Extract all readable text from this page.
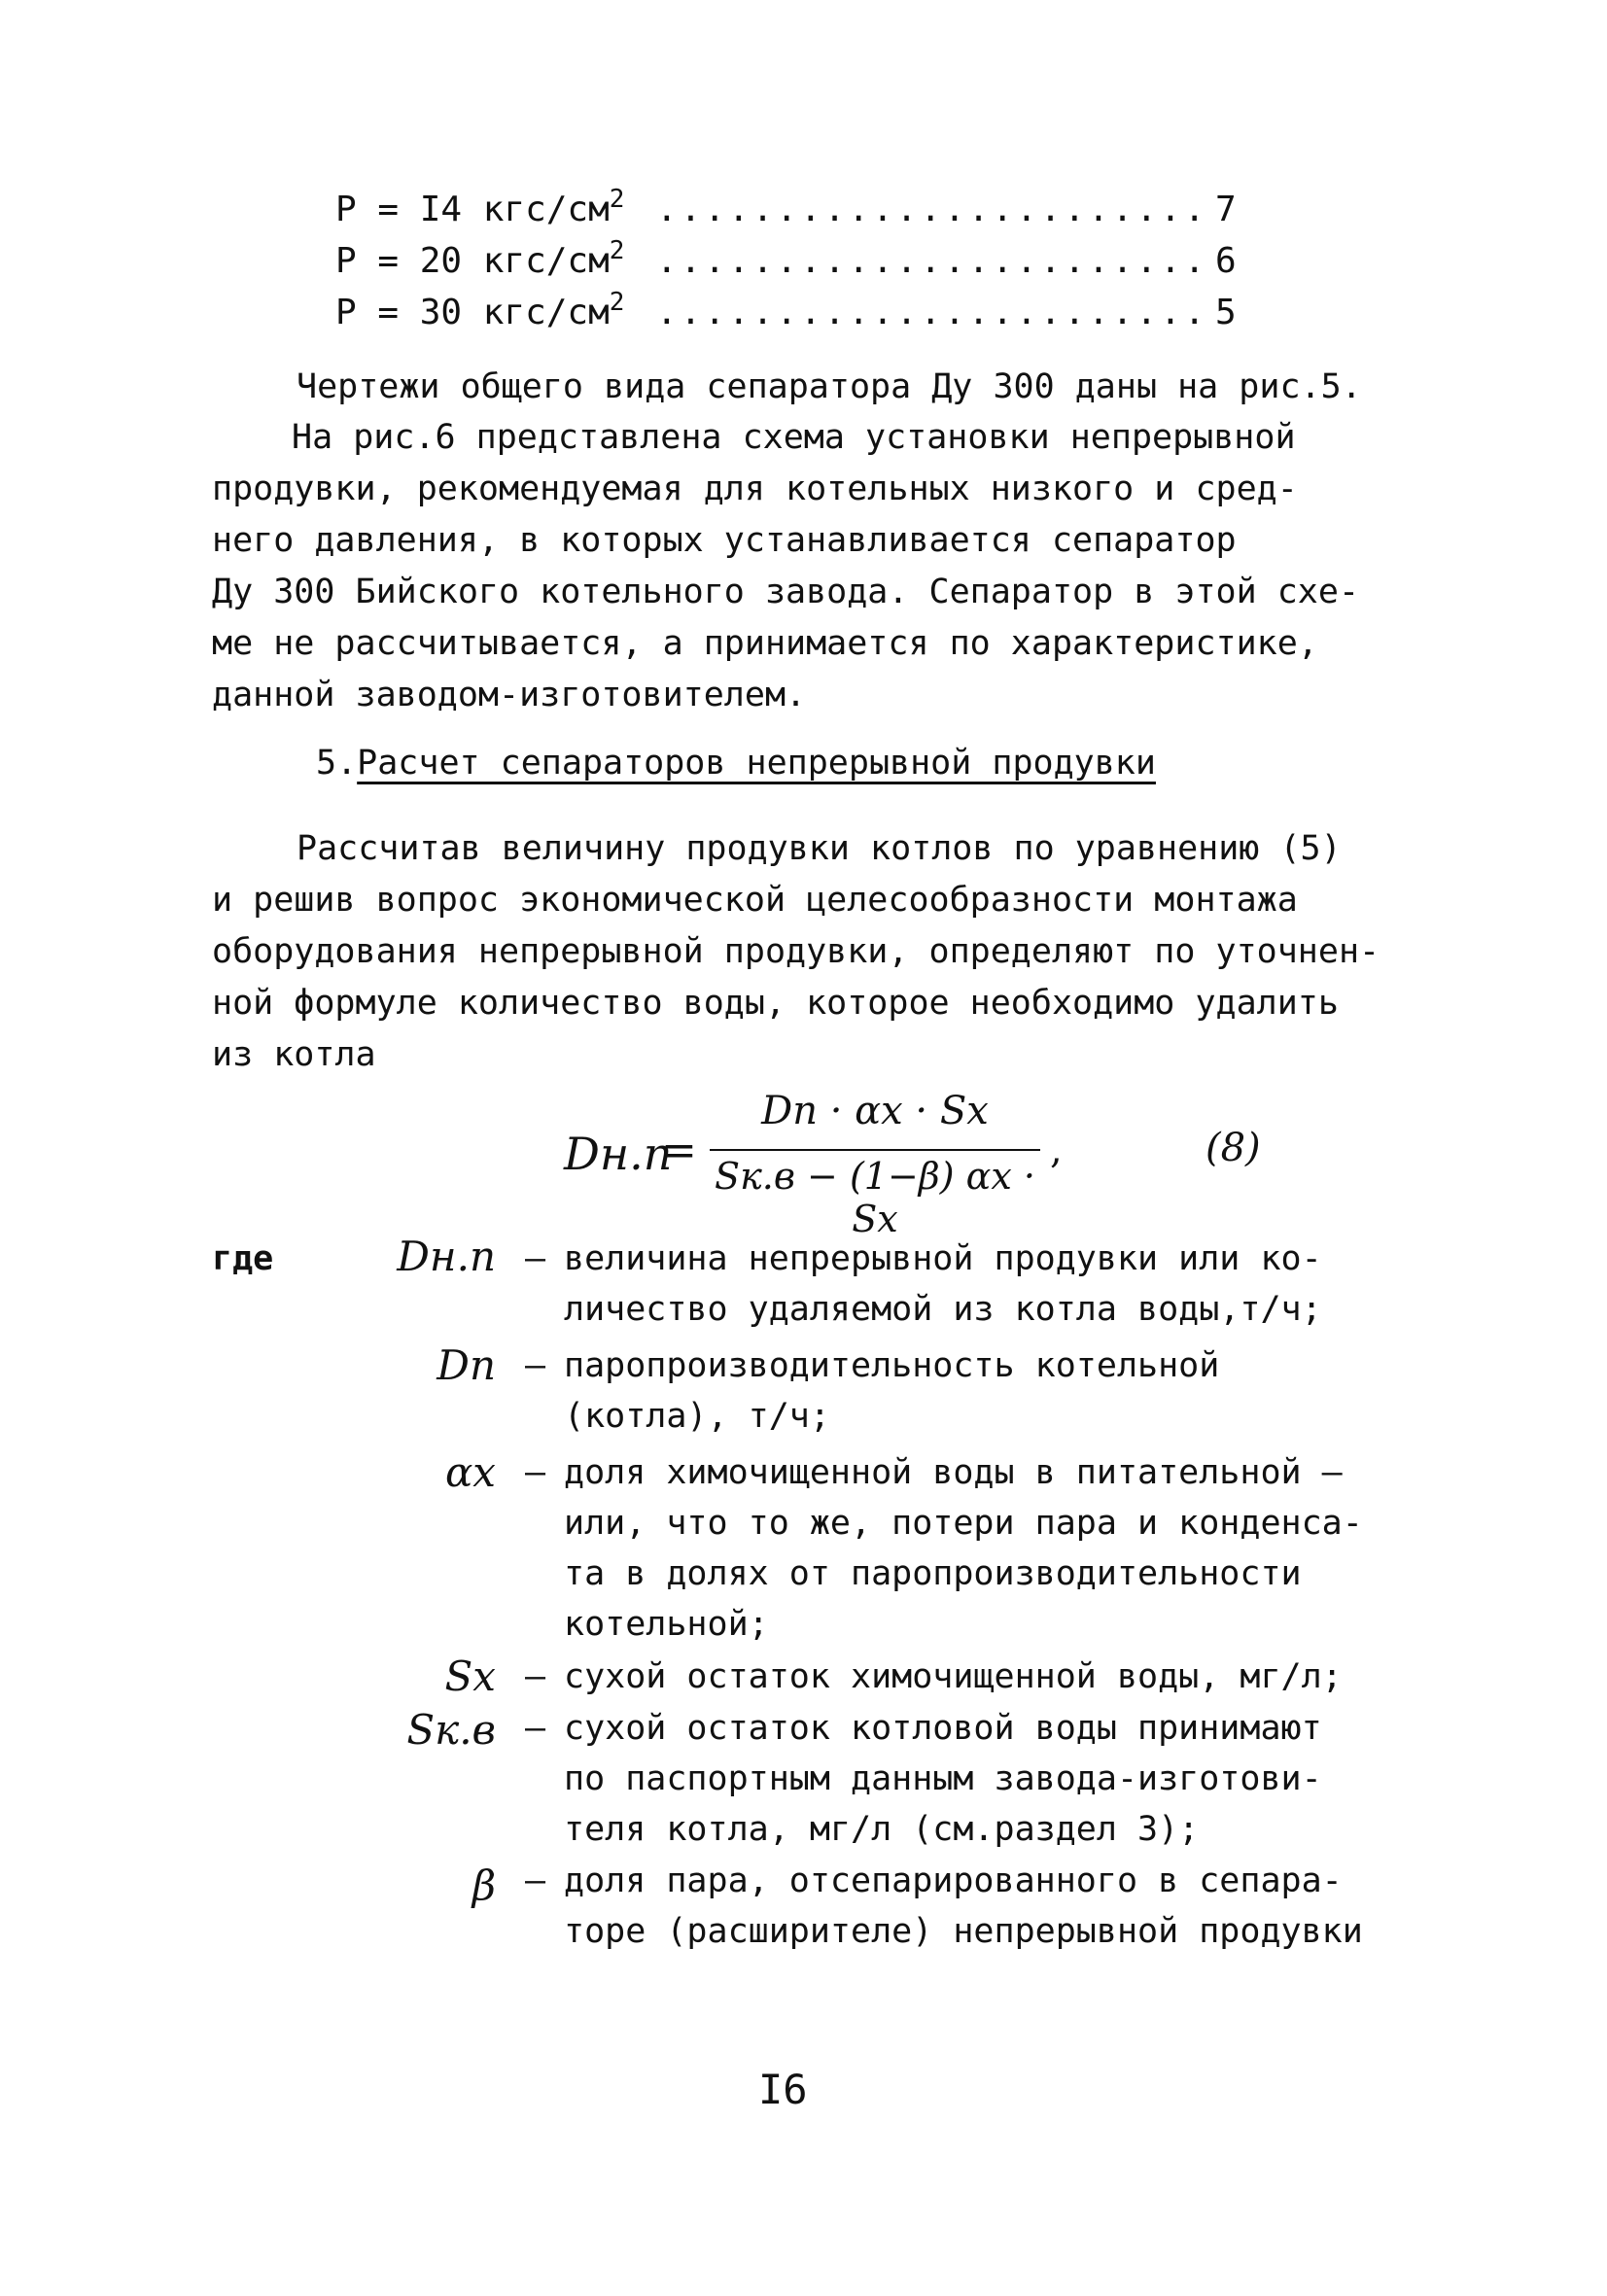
Р = I4 кгс/$см^2$ ....................... 7
Р = 20 кгс/$см^2$ ....................... 6
Р = 30 кгс/$см^2$ ....................... 5
Чертежи общего вида сепаратора Ду 300 даны на рис.5.
На рис.6 представлена схема установки непрерывной
продувки, рекомендуемая для котельных низкого и сред-
него давления, в которых устанавливается сепаратор
Ду 300 Бийского котельного завода. Сепаратор в этой схе-
ме не рассчитывается, а принимается по характеристике,
данной заводом-изготовителем.
5.Расчет сепараторов непрерывной продувки
Рассчитав величину продувки котлов по уравнению (5)
и решив вопрос экономической целесообразности монтажа
оборудования непрерывной продувки, определяют по уточнен-
ной формуле количество воды, которое необходимо удалить
из котла
Dн.п
=
Dп · αx · Sx
Sк.в − (1−β) αx · Sx
,	(8)
где	Dн.п – величина непрерывной продувки или ко-
личество удаляемой из котла воды,т/ч;
Dп – паропроизводительность котельной
(котла), т/ч;
αx – доля химочищенной воды в питательной –
или, что то же, потери пара и конденса-
та в долях от паропроизводительности
котельной;
Sx – сухой остаток химочищенной воды, мг/л;
Sк.в – сухой остаток котловой воды принимают
по паспортным данным завода-изготови-
теля котла, мг/л (см.раздел 3);
β – доля пара, отсепарированного в сепара-
торе (расширителе) непрерывной продувки
I6
